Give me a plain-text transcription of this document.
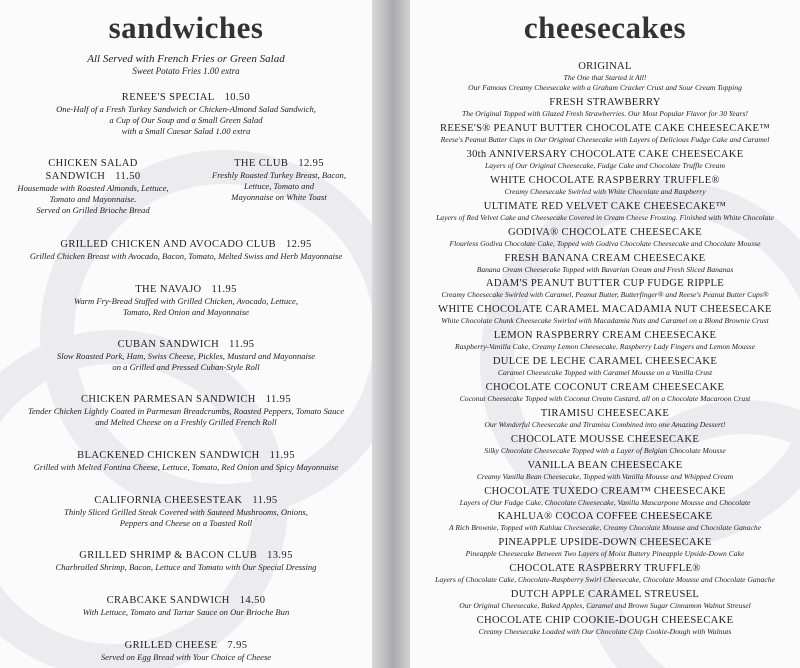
sandwiches
All Served with French Fries or Green Salad
Sweet Potato Fries 1.00 extra
RENEE'S SPECIAL 10.50
One-Half of a Fresh Turkey Sandwich or Chicken-Almond Salad Sandwich,
a Cup of Our Soup and a Small Green Salad
with a Small Caesar Salad 1.00 extra
CHICKEN SALAD SANDWICH 11.50
Housemade with Roasted Almonds, Lettuce,
Tomato and Mayonnaise.
Served on Grilled Brioche Bread
THE CLUB 12.95
Freshly Roasted Turkey Breast, Bacon,
Lettuce, Tomato and
Mayonnaise on White Toast
GRILLED CHICKEN AND AVOCADO CLUB 12.95
Grilled Chicken Breast with Avocado, Bacon, Tomato, Melted Swiss and Herb Mayonnaise
THE NAVAJO 11.95
Warm Fry-Bread Stuffed with Grilled Chicken, Avocado, Lettuce,
Tomato, Red Onion and Mayonnaise
CUBAN SANDWICH 11.95
Slow Roasted Pork, Ham, Swiss Cheese, Pickles, Mustard and Mayonnaise
on a Grilled and Pressed Cuban-Style Roll
CHICKEN PARMESAN SANDWICH 11.95
Tender Chicken Lightly Coated in Parmesan Breadcrumbs, Roasted Peppers, Tomato Sauce
and Melted Cheese on a Freshly Grilled French Roll
BLACKENED CHICKEN SANDWICH 11.95
Grilled with Melted Fontina Cheese, Lettuce, Tomato, Red Onion and Spicy Mayonnaise
CALIFORNIA CHEESESTEAK 11.95
Thinly Sliced Grilled Steak Covered with Sauteed Mushrooms, Onions,
Peppers and Cheese on a Toasted Roll
GRILLED SHRIMP & BACON CLUB 13.95
Charbroiled Shrimp, Bacon, Lettuce and Tomato with Our Special Dressing
CRABCAKE SANDWICH 14.50
With Lettuce, Tomato and Tartar Sauce on Our Brioche Bun
GRILLED CHEESE 7.95
Served on Egg Bread with Your Choice of Cheese
cheesecakes
ORIGINAL
The One that Started it All!
Our Famous Creamy Cheesecake with a Graham Cracker Crust and Sour Cream Topping
FRESH STRAWBERRY
The Original Topped with Glazed Fresh Strawberries. Our Most Popular Flavor for 30 Years!
REESE'S® PEANUT BUTTER CHOCOLATE CAKE CHEESECAKE™
Reese's Peanut Butter Cups in Our Original Cheesecake with Layers of Delicious Fudge Cake and Caramel
30th ANNIVERSARY CHOCOLATE CAKE CHEESECAKE
Layers of Our Original Cheesecake, Fudge Cake and Chocolate Truffle Cream
WHITE CHOCOLATE RASPBERRY TRUFFLE®
Creamy Cheesecake Swirled with White Chocolate and Raspberry
ULTIMATE RED VELVET CAKE CHEESECAKE™
Layers of Red Velvet Cake and Cheesecake Covered in Cream Cheese Frosting. Finished with White Chocolate
GODIVA® CHOCOLATE CHEESECAKE
Flourless Godiva Chocolate Cake, Topped with Godiva Chocolate Cheesecake and Chocolate Mousse
FRESH BANANA CREAM CHEESECAKE
Banana Cream Cheesecake Topped with Bavarian Cream and Fresh Sliced Bananas
ADAM'S PEANUT BUTTER CUP FUDGE RIPPLE
Creamy Cheesecake Swirled with Caramel, Peanut Butter, Butterfinger® and Reese's Peanut Butter Cups®
WHITE CHOCOLATE CARAMEL MACADAMIA NUT CHEESECAKE
White Chocolate Chunk Cheesecake Swirled with Macadamia Nuts and Caramel on a Blond Brownie Crust
LEMON RASPBERRY CREAM CHEESECAKE
Raspberry-Vanilla Cake, Creamy Lemon Cheesecake, Raspberry Lady Fingers and Lemon Mousse
DULCE DE LECHE CARAMEL CHEESECAKE
Caramel Cheesecake Topped with Caramel Mousse on a Vanilla Crust
CHOCOLATE COCONUT CREAM CHEESECAKE
Coconut Cheesecake Topped with Coconut Cream Custard, all on a Chocolate Macaroon Crust
TIRAMISU CHEESECAKE
Our Wonderful Cheesecake and Tiramisu Combined into one Amazing Dessert!
CHOCOLATE MOUSSE CHEESECAKE
Silky Chocolate Cheesecake Topped with a Layer of Belgian Chocolate Mousse
VANILLA BEAN CHEESECAKE
Creamy Vanilla Bean Cheesecake, Topped with Vanilla Mousse and Whipped Cream
CHOCOLATE TUXEDO CREAM™ CHEESECAKE
Layers of Our Fudge Cake, Chocolate Cheesecake, Vanilla Mascarpone Mousse and Chocolate
KAHLUA® COCOA COFFEE CHEESECAKE
A Rich Brownie, Topped with Kahlua Cheesecake, Creamy Chocolate Mousse and Chocolate Ganache
PINEAPPLE UPSIDE-DOWN CHEESECAKE
Pineapple Cheesecake Between Two Layers of Moist Buttery Pineapple Upside-Down Cake
CHOCOLATE RASPBERRY TRUFFLE®
Layers of Chocolate Cake, Chocolate-Raspberry Swirl Cheesecake, Chocolate Mousse and Chocolate Ganache
DUTCH APPLE CARAMEL STREUSEL
Our Original Cheesecake, Baked Apples, Caramel and Brown Sugar Cinnamon Walnut Streusel
CHOCOLATE CHIP COOKIE-DOUGH CHEESECAKE
Creamy Cheesecake Loaded with Our Chocolate Chip Cookie-Dough with Walnuts
